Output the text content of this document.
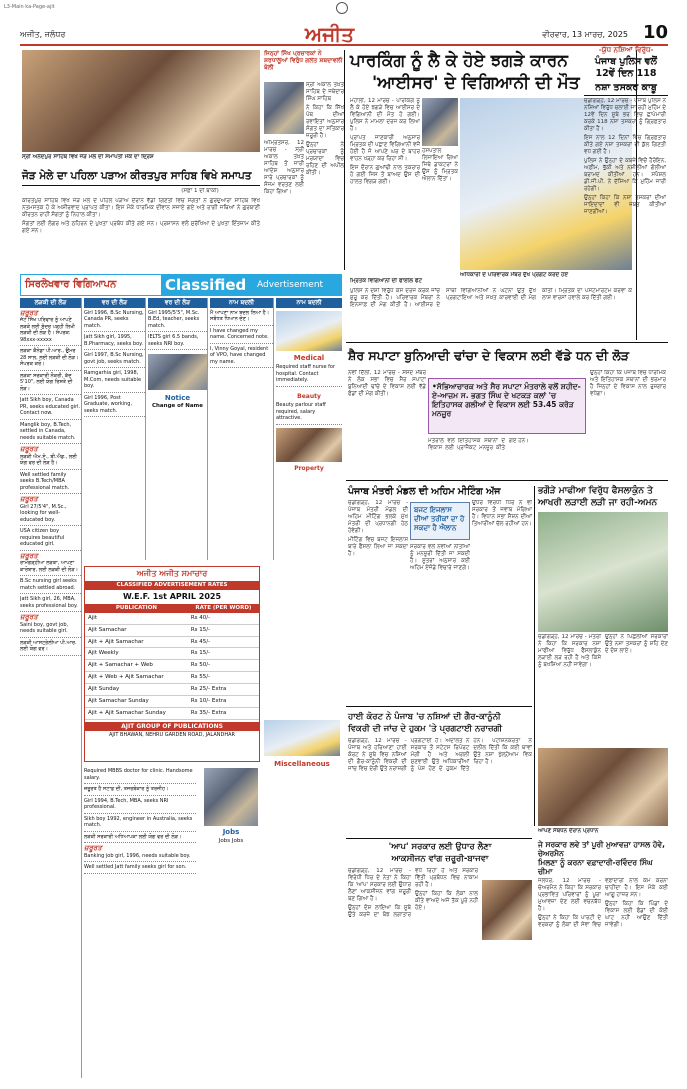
L3-Main ka-Page-ajit
ਅਜੀਤ, ਜਲੰਧਰ	ਅਜੀਤ	ਵੀਰਵਾਰ, 13 ਮਾਰਚ, 2025 10
ਸ੍ਰੀ ਅਨੰਦਪੁਰ ਸਾਹਿਬ ਵਿਖੇ ਜੋੜ ਮੇਲੇ ਦੀ ਸਮਾਪਤੀ ਮੌਕੇ ਦਾ ਦ੍ਰਿਸ਼
ਜੋੜ ਮੇਲੇ ਦਾ ਪਹਿਲਾ ਪੜਾਅ ਕੀਰਤਪੁਰ ਸਾਹਿਬ ਵਿਖੇ ਸਮਾਪਤ
(ਸਫ਼ਾ 1 ਦੀ ਬਾਕੀ)

ਕੀਰਤਪੁਰ ਸਾਹਿਬ ਵਿਖੇ ਜੋੜ ਮੇਲੇ ਦੇ ਪਹਿਲੇ ਪੜਾਅ ਦੌਰਾਨ ਵੱਡੀ ਗਿਣਤੀ ਵਿਚ ਸੰਗਤਾਂ ਨੇ ਗੁਰਦੁਆਰਾ ਸਾਹਿਬ ਵਿਖੇ ਨਤਮਸਤਕ ਹੋ ਕੇ ਅਸ਼ੀਰਵਾਦ ਪ੍ਰਾਪਤ ਕੀਤਾ। ਇਸ ਮੌਕੇ ਧਾਰਮਿਕ ਦੀਵਾਨ ਸਜਾਏ ਗਏ ਅਤੇ ਰਾਗੀ ਜਥਿਆਂ ਨੇ ਗੁਰਬਾਣੀ ਕੀਰਤਨ ਰਾਹੀਂ ਸੰਗਤਾਂ ਨੂੰ ਨਿਹਾਲ ਕੀਤਾ।

ਸੰਗਤਾਂ ਲਈ ਲੰਗਰ ਅਤੇ ਠਹਿਰਨ ਦੇ ਪੁਖਤਾ ਪ੍ਰਬੰਧ ਕੀਤੇ ਗਏ ਸਨ। ਪ੍ਰਸ਼ਾਸਨ ਵਲੋਂ ਸੁਰੱਖਿਆ ਦੇ ਪੁਖਤਾ ਇੰਤਜ਼ਾਮ ਕੀਤੇ ਗਏ ਸਨ।

ਜਿਨ੍ਹਾਂ ਸਿੱਖ ਪ੍ਰਚਾਰਕਾਂ ਨੇ ਸ਼ਰਧਾਲੂਆਂ ਵਿਰੁੱਧ ਗਲਤ ਸ਼ਬਦਾਵਲੀ ਬੋਲੀ

ਸ੍ਰੀ ਅਕਾਲ ਤਖ਼ਤ ਸਾਹਿਬ ਦੇ ਜਥੇਦਾਰ ਸਿੰਘ ਸਾਹਿਬ

ਨੇ ਕਿਹਾ ਕਿ ਸਿੱਖ ਪੰਥ ਦੀਆਂ ਰਵਾਇਤਾਂ ਅਨੁਸਾਰ ਸੰਗਤ ਦਾ ਸਤਿਕਾਰ ਜ਼ਰੂਰੀ ਹੈ।

ਉਨ੍ਹਾਂ ਨੇ ਪ੍ਰਚਾਰਕਾਂ ਨੂੰ ਮਰਯਾਦਾ ਵਿਚ ਰਹਿਣ ਦੀ ਅਪੀਲ ਕੀਤੀ।

ਅੰਮ੍ਰਿਤਸਰ, 12 ਮਾਰਚ - ਸ੍ਰੀ ਅਕਾਲ ਤਖ਼ਤ ਸਾਹਿਬ ਤੋਂ ਜਾਰੀ ਆਦੇਸ਼ ਅਨੁਸਾਰ ਸਾਰੇ ਪ੍ਰਚਾਰਕਾਂ ਨੂੰ ਸੰਜਮ ਵਰਤਣ ਲਈ ਕਿਹਾ ਗਿਆ।

ਪਾਰਕਿੰਗ ਨੂੰ ਲੈ ਕੇ ਹੋਏ ਝਗੜੇ ਕਾਰਨ
'ਆਈਸਰ' ਦੇ ਵਿਗਿਆਨੀ ਦੀ ਮੌਤ

ਮੋਹਾਲੀ, 12 ਮਾਰਚ - ਪਾਰਕਿੰਗ ਨੂੰ ਲੈ ਕੇ ਹੋਏ ਝਗੜੇ ਵਿਚ ਆਈਸਰ ਦੇ ਵਿਗਿਆਨੀ ਦੀ ਮੌਤ ਹੋ ਗਈ। ਪੁਲਿਸ ਨੇ ਮਾਮਲਾ ਦਰਜ ਕਰ ਲਿਆ ਹੈ।

ਪ੍ਰਾਪਤ ਜਾਣਕਾਰੀ ਅਨੁਸਾਰ ਮ੍ਰਿਤਕ ਦੀ ਪਛਾਣ ਵਿਗਿਆਨੀ ਵਜੋਂ ਹੋਈ ਹੈ ਜੋ ਆਪਣੇ ਘਰ ਦੇ ਬਾਹਰ ਵਾਹਨ ਖੜ੍ਹਾ ਕਰ ਰਿਹਾ ਸੀ।

ਇਸ ਦੌਰਾਨ ਗੁਆਂਢੀ ਨਾਲ ਤਕਰਾਰ ਹੋ ਗਈ ਜਿਸ ਤੋਂ ਬਾਅਦ ਉਸ ਦੀ ਹਾਲਤ ਵਿਗੜ ਗਈ।

ਹਸਪਤਾਲ ਲਿਜਾਇਆ ਗਿਆ ਜਿਥੇ ਡਾਕਟਰਾਂ ਨੇ ਉਸ ਨੂੰ ਮ੍ਰਿਤਕ ਐਲਾਨ ਦਿੱਤਾ।

ਅਧਿਕਾਰੀ ਦੇ ਪਰਿਵਾਰਕ ਮੈਂਬਰ ਦੁੱਖ ਪ੍ਰਗਟ ਕਰਦੇ ਹੋਏ
ਮ੍ਰਿਤਕ ਵਿਗਿਆਨੀ ਦੀ ਫਾਈਲ ਫੋਟੋ

ਪੁਲਿਸ ਨੇ ਦੋਸ਼ੀ ਵਿਰੁੱਧ ਕੇਸ ਦਰਜ ਕਰਕੇ ਜਾਂਚ ਸ਼ੁਰੂ ਕਰ ਦਿੱਤੀ ਹੈ। ਪਰਿਵਾਰਕ ਮੈਂਬਰਾਂ ਨੇ ਇਨਸਾਫ਼ ਦੀ ਮੰਗ ਕੀਤੀ ਹੈ। ਆਈਸਰ ਦੇ ਸਾਥੀ ਵਿਗਿਆਨੀਆਂ ਨੇ ਘਟਨਾ ਉਤੇ ਦੁੱਖ ਪ੍ਰਗਟਾਇਆ ਅਤੇ ਸਖ਼ਤ ਕਾਰਵਾਈ ਦੀ ਮੰਗ ਕੀਤੀ। ਮ੍ਰਿਤਕ ਦਾ ਪੋਸਟਮਾਰਟਮ ਕਰਵਾ ਕੇ ਲਾਸ਼ ਵਾਰਸਾਂ ਹਵਾਲੇ ਕਰ ਦਿੱਤੀ ਗਈ।

-ਯੁੱਧ ਨਸ਼ਿਆਂ ਵਿਰੁੱਧ-
ਪੰਜਾਬ ਪੁਲਿਸ ਵਲੋਂ
12ਵੇਂ ਦਿਨ 118
ਨਸ਼ਾ ਤਸਕਰ ਕਾਬੂ

ਚੰਡੀਗੜ੍ਹ, 12 ਮਾਰਚ - ਪੰਜਾਬ ਪੁਲਿਸ ਨੇ ਨਸ਼ਿਆਂ ਵਿਰੁੱਧ ਚਲਾਈ ਜਾ ਰਹੀ ਮੁਹਿੰਮ ਦੇ 12ਵੇਂ ਦਿਨ ਸੂਬੇ ਭਰ ਵਿਚ ਛਾਪੇਮਾਰੀ ਕਰਕੇ 118 ਨਸ਼ਾ ਤਸਕਰਾਂ ਨੂੰ ਗ੍ਰਿਫ਼ਤਾਰ ਕੀਤਾ ਹੈ।

ਇਸ ਨਾਲ 12 ਦਿਨਾਂ ਵਿਚ ਗ੍ਰਿਫ਼ਤਾਰ ਕੀਤੇ ਗਏ ਨਸ਼ਾ ਤਸਕਰਾਂ ਦੀ ਕੁੱਲ ਗਿਣਤੀ ਵਧ ਗਈ ਹੈ।

ਪੁਲਿਸ ਨੇ ਉਨ੍ਹਾਂ ਦੇ ਕਬਜ਼ੇ ਵਿਚੋਂ ਹੈਰੋਇਨ, ਅਫ਼ੀਮ, ਭੁੱਕੀ ਅਤੇ ਨਸ਼ੀਲੀਆਂ ਗੋਲੀਆਂ ਬਰਾਮਦ ਕੀਤੀਆਂ ਹਨ। ਸਪੈਸ਼ਲ ਡੀ.ਜੀ.ਪੀ. ਨੇ ਦੱਸਿਆ ਕਿ ਮੁਹਿੰਮ ਜਾਰੀ ਰਹੇਗੀ।

ਉਨ੍ਹਾਂ ਕਿਹਾ ਕਿ ਨਸ਼ਾ ਤਸਕਰਾਂ ਦੀਆਂ ਜਾਇਦਾਦਾਂ ਵੀ ਜ਼ਬਤ ਕੀਤੀਆਂ ਜਾਣਗੀਆਂ।

ਸ਼ੈਰ ਸਪਾਟਾ ਬੁਨਿਆਦੀ ਢਾਂਚਾ ਦੇ ਵਿਕਾਸ ਲਈ ਵੱਡੇ ਧਨ ਦੀ ਲੋੜ

ਨਵੀਂ ਦਿੱਲੀ, 12 ਮਾਰਚ - ਸੰਸਦ ਮੈਂਬਰ ਨੇ ਲੋਕ ਸਭਾ ਵਿਚ ਸੈਰ ਸਪਾਟਾ ਬੁਨਿਆਦੀ ਢਾਂਚੇ ਦੇ ਵਿਕਾਸ ਲਈ ਵੱਡੇ ਫੰਡਾਂ ਦੀ ਮੰਗ ਕੀਤੀ।

•ਸੱਭਿਆਚਾਰਕ ਅਤੇ ਸੈਰ ਸਪਾਟਾ ਮੰਤਰਾਲੇ ਵਲੋਂ ਸ਼ਹੀਦ-ਏ-ਆਜ਼ਮ ਸ. ਭਗਤ ਸਿੰਘ ਦੇ ਖਟਕੜ ਕਲਾਂ 'ਚ ਇਤਿਹਾਸਕ ਗਲੀਆਂ ਦੇ ਵਿਕਾਸ ਲਈ 53.45 ਕਰੋੜ ਮਨਜ਼ੂਰ

ਮੰਤਰਾਲੇ ਵਲੋਂ ਇਤਿਹਾਸਕ ਸਥਾਨਾਂ ਦੇ ਵਿਕਾਸ ਲਈ ਪ੍ਰਾਜੈਕਟ ਮਨਜ਼ੂਰ ਕੀਤੇ ਗਏ ਹਨ।

ਉਨ੍ਹਾਂ ਕਿਹਾ ਕਿ ਪੰਜਾਬ ਵਿਚ ਧਾਰਮਿਕ ਅਤੇ ਇਤਿਹਾਸਕ ਸਥਾਨਾਂ ਦੀ ਭਰਮਾਰ ਹੈ ਜਿਨ੍ਹਾਂ ਦੇ ਵਿਕਾਸ ਨਾਲ ਰੁਜ਼ਗਾਰ ਵਧੇਗਾ।

ਪੰਜਾਬ ਮੰਤਰੀ ਮੰਡਲ ਦੀ ਅਹਿਮ ਮੀਟਿੰਗ ਅੱਜ

ਚੰਡੀਗੜ੍ਹ, 12 ਮਾਰਚ - ਪੰਜਾਬ ਮੰਤਰੀ ਮੰਡਲ ਦੀ ਅਹਿਮ ਮੀਟਿੰਗ ਭਲਕੇ ਮੁੱਖ ਮੰਤਰੀ ਦੀ ਪ੍ਰਧਾਨਗੀ ਹੇਠ ਹੋਵੇਗੀ।

ਮੀਟਿੰਗ ਵਿਚ ਬਜਟ ਇਜਲਾਸ ਬਾਰੇ ਫੈਸਲਾ ਲਿਆ ਜਾ ਸਕਦਾ ਹੈ।

ਬਜਟ ਇਜਲਾਸ ਦੀਆਂ ਤਰੀਕਾਂ ਦਾ ਹੋ ਸਕਦਾ ਹੈ ਐਲਾਨ

ਸਰਕਾਰ ਵਲੋਂ ਨਵੀਆਂ ਨੀਤੀਆਂ ਨੂੰ ਮਨਜ਼ੂਰੀ ਦਿੱਤੀ ਜਾ ਸਕਦੀ ਹੈ। ਸੂਤਰਾਂ ਅਨੁਸਾਰ ਕਈ ਅਹਿਮ ਏਜੰਡੇ ਵਿਚਾਰੇ ਜਾਣਗੇ।

ਉਧਰ ਵਿਰੋਧੀ ਧਿਰ ਨੇ ਵੀ ਸਰਕਾਰ ਤੋਂ ਜਵਾਬ ਮੰਗਿਆ ਹੈ। ਵਿਧਾਨ ਸਭਾ ਸੈਸ਼ਨ ਦੀਆਂ ਤਿਆਰੀਆਂ ਚੱਲ ਰਹੀਆਂ ਹਨ।

ਭਗੌੜੇ ਮਾਫੀਆ ਵਿਰੁੱਧ ਫੈਸਲਾਕੁੰਨ ਤੇ
ਆਖਰੀ ਲੜਾਈ ਲੜੀ ਜਾ ਰਹੀ-ਅਮਨ

ਚੰਡੀਗੜ੍ਹ, 12 ਮਾਰਚ - ਮੰਤਰੀ ਨੇ ਕਿਹਾ ਕਿ ਸਰਕਾਰ ਨਸ਼ਾ ਮਾਫੀਆ ਵਿਰੁੱਧ ਫੈਸਲਾਕੁੰਨ ਲੜਾਈ ਲੜ ਰਹੀ ਹੈ ਅਤੇ ਕਿਸੇ ਨੂੰ ਬਖਸ਼ਿਆ ਨਹੀਂ ਜਾਵੇਗਾ।

ਉਨ੍ਹਾਂ ਨੇ ਪਿਛਲੀਆਂ ਸਰਕਾਰਾਂ ਉਤੇ ਨਸ਼ਾ ਤਸਕਰਾਂ ਨੂੰ ਸ਼ਹਿ ਦੇਣ ਦੇ ਦੋਸ਼ ਲਾਏ।

ਹਾਈ ਕੋਰਟ ਨੇ ਪੰਜਾਬ 'ਚ ਨਸ਼ਿਆਂ ਦੀ ਗੈਰ-ਕਾਨੂੰਨੀ
ਵਿਕਰੀ ਦੀ ਜਾਂਚ ਦੇ ਹੁਕਮ 'ਤੇ ਪ੍ਰਗਟਾਈ ਨਰਾਜ਼ਗੀ

ਚੰਡੀਗੜ੍ਹ, 12 ਮਾਰਚ - ਪੰਜਾਬ ਅਤੇ ਹਰਿਆਣਾ ਹਾਈ ਕੋਰਟ ਨੇ ਸੂਬੇ ਵਿਚ ਨਸ਼ਿਆਂ ਦੀ ਗੈਰ-ਕਾਨੂੰਨੀ ਵਿਕਰੀ ਦੀ ਜਾਂਚ ਵਿਚ ਦੇਰੀ ਉਤੇ ਨਰਾਜ਼ਗੀ ਪ੍ਰਗਟਾਈ ਹੈ। ਅਦਾਲਤ ਨੇ ਸਰਕਾਰ ਤੋਂ ਸਟੇਟਸ ਰਿਪੋਰਟ ਮੰਗੀ ਹੈ ਅਤੇ ਅਗਲੀ ਸੁਣਵਾਈ ਉਤੇ ਅਧਿਕਾਰੀਆਂ ਨੂੰ ਪੇਸ਼ ਹੋਣ ਦੇ ਹੁਕਮ ਦਿੱਤੇ ਹਨ। ਪਟੀਸ਼ਨਕਰਤਾ ਨੇ ਦਲੀਲ ਦਿੱਤੀ ਕਿ ਕਈ ਥਾਵਾਂ ਉਤੇ ਨਸ਼ਾ ਖੁੱਲ੍ਹੇਆਮ ਵਿਕ ਰਿਹਾ ਹੈ।

ਆਪਣੇ ਸੰਬੋਧਨ ਦੌਰਾਨ ਪ੍ਰਧਾਨ
ਜੇ ਸਰਕਾਰ ਲਵੇ ਤਾਂ ਪੂਰੀ ਮੁਆਵਜ਼ਾ ਹਾਸਲ ਹੋਵੇ, ਚੇਅਰਮੈਨ
ਮਿਲਣਾ ਨੂੰ ਕਰਨਾ ਵਫ਼ਾਦਾਰੀ-ਰਵਿੰਦਰ ਸਿੰਘ ਚੀਮਾ

ਜਲੰਧਰ, 12 ਮਾਰਚ - ਚੇਅਰਮੈਨ ਨੇ ਕਿਹਾ ਕਿ ਸਰਕਾਰ ਪ੍ਰਭਾਵਿਤ ਪਰਿਵਾਰਾਂ ਨੂੰ ਪੂਰਾ ਮੁਆਵਜ਼ਾ ਦੇਣ ਲਈ ਵਚਨਬੱਧ ਹੈ।

ਉਨ੍ਹਾਂ ਨੇ ਕਿਹਾ ਕਿ ਪਾਰਟੀ ਦੇ ਵਰਕਰਾਂ ਨੂੰ ਲੋਕਾਂ ਦੀ ਸੇਵਾ ਵਿਚ ਵਫ਼ਾਦਾਰੀ ਨਾਲ ਕੰਮ ਕਰਨਾ ਚਾਹੀਦਾ ਹੈ। ਇਸ ਮੌਕੇ ਕਈ ਆਗੂ ਹਾਜ਼ਰ ਸਨ।

ਉਨ੍ਹਾਂ ਕਿਹਾ ਕਿ ਪਿੰਡਾਂ ਦੇ ਵਿਕਾਸ ਲਈ ਫੰਡਾਂ ਦੀ ਕੋਈ ਘਾਟ ਨਹੀਂ ਆਉਣ ਦਿੱਤੀ ਜਾਵੇਗੀ।

'ਆਪ' ਸਰਕਾਰ ਲਈ ਉਧਾਰ ਲੈਣਾ
ਆਕਸੀਜਨ ਵਾਂਗ ਜ਼ਰੂਰੀ-ਬਾਜਵਾ

ਚੰਡੀਗੜ੍ਹ, 12 ਮਾਰਚ - ਵਿਰੋਧੀ ਧਿਰ ਦੇ ਨੇਤਾ ਨੇ ਕਿਹਾ ਕਿ 'ਆਪ' ਸਰਕਾਰ ਲਈ ਉਧਾਰ ਲੈਣਾ ਆਕਸੀਜਨ ਵਾਂਗ ਜ਼ਰੂਰੀ ਬਣ ਗਿਆ ਹੈ।

ਉਨ੍ਹਾਂ ਦੋਸ਼ ਲਾਇਆ ਕਿ ਸੂਬੇ ਉਤੇ ਕਰਜ਼ੇ ਦਾ ਬੋਝ ਲਗਾਤਾਰ ਵਧ ਰਿਹਾ ਹੈ ਅਤੇ ਸਰਕਾਰ ਵਿੱਤੀ ਪ੍ਰਬੰਧਨ ਵਿਚ ਨਾਕਾਮ ਰਹੀ ਹੈ।

ਉਨ੍ਹਾਂ ਕਿਹਾ ਕਿ ਲੋਕਾਂ ਨਾਲ ਕੀਤੇ ਵਾਅਦੇ ਅਜੇ ਤੱਕ ਪੂਰੇ ਨਹੀਂ ਹੋਏ।

ਸਿਰਲੇਖਵਾਰ ਵਿਗਿਆਪਨ	Classified Advertisement
ਲੜਕੀ ਦੀ ਲੋੜ
ਜ਼ਰੂਰਤ
ਜੱਟ ਸਿੱਖ ਪਰਿਵਾਰ ਨੂੰ ਆਪਣੇ ਲੜਕੇ ਲਈ ਸੁੰਦਰ ਪੜ੍ਹੀ ਲਿਖੀ ਲੜਕੀ ਦੀ ਲੋੜ ਹੈ। ਸੰਪਰਕ: 98xxx-xxxxx
ਲੜਕਾ ਕੈਨੇਡਾ ਪੀ.ਆਰ., ਉਮਰ 28 ਸਾਲ, ਲਈ ਲੜਕੀ ਦੀ ਲੋੜ। ਸੰਪਰਕ ਕਰੋ।
ਲੜਕਾ ਸਰਕਾਰੀ ਨੌਕਰੀ, ਕੱਦ 5'10", ਲਈ ਯੋਗ ਰਿਸ਼ਤੇ ਦੀ ਲੋੜ।
Jatt Sikh boy, Canada PR, seeks educated girl. Contact now.
Manglik boy, B.Tech, settled in Canada, needs suitable match.
ਜ਼ਰੂਰਤ
ਲੜਕੀ ਐਮ.ਏ., ਬੀ.ਐਡ., ਲਈ ਯੋਗ ਵਰ ਦੀ ਲੋੜ ਹੈ।
Well settled family seeks B.Tech/MBA professional match.
ਜ਼ਰੂਰਤ
Girl 27/5'4", M.Sc., looking for well-educated boy.
USA citizen boy requires beautiful educated girl.
ਜ਼ਰੂਰਤ
ਰਾਮਗੜ੍ਹੀਆ ਲੜਕਾ, ਆਪਣਾ ਕਾਰੋਬਾਰ, ਲਈ ਲੜਕੀ ਦੀ ਲੋੜ।
B.Sc nursing girl seeks match settled abroad.
Jatt Sikh girl, 26, MBA, seeks professional boy.
ਜ਼ਰੂਰਤ
Saini boy, govt job, needs suitable girl.
ਲੜਕੀ ਆਸਟ੍ਰੇਲੀਆ ਪੀ.ਆਰ. ਲਈ ਯੋਗ ਵਰ।
ਵਰ ਦੀ ਲੋੜ
Girl 1996, B.Sc Nursing, Canada PR, seeks match.
Jatt Sikh girl, 1995, B.Pharmacy, seeks boy.
Girl 1997, B.Sc Nursing, govt job, seeks match.
Ramgarhia girl, 1998, M.Com, needs suitable boy.
Girl 1996, Post Graduate, working, seeks match.
ਵਰ ਦੀ ਲੋੜ
Girl 1995/5'5", M.Sc. B.Ed, teacher, seeks match.
IELTS girl 6.5 bands, seeks NRI boy.
Notice
Change of Name
ਨਾਮ ਬਦਲੀ
ਮੈਂ ਆਪਣਾ ਨਾਮ ਬਦਲ ਲਿਆ ਹੈ। ਸਬੰਧਤ ਧਿਆਨ ਦੇਣ।
I have changed my name. Concerned note.
I, Vinny Goyal, resident of VPO, have changed my name.
ਨਾਮ ਬਦਲੀ
Medical
Required staff nurse for hospital. Contact immediately.
Beauty
Beauty parlour staff required, salary attractive.
Property
ਅਜੀਤ ਅਜੀਤ ਸਮਾਚਾਰ
CLASSIFIED ADVERTISEMENT RATES
W.E.F. 1st APRIL 2025
PUBLICATION	RATE (PER WORD)
Ajit	Rs 40/-
Ajit Samachar	Rs 15/-
Ajit + Ajit Samachar	Rs 45/-
Ajit Weekly	Rs 15/-
Ajit + Samachar + Web	Rs 50/-
Ajit + Web + Ajit Samachar	Rs 55/-
Ajit Sunday	Rs 25/- Extra
Ajit Samachar Sunday	Rs 10/- Extra
Ajit + Ajit Samachar Sunday	Rs 35/- Extra
AJIT GROUP OF PUBLICATIONS
AJIT BHAWAN, NEHRU GARDEN ROAD, JALANDHAR
Required MBBS doctor for clinic. Handsome salary.
ਜ਼ਰੂਰਤ ਹੈ ਸਟਾਫ਼ ਦੀ, ਤਜਰਬੇਕਾਰ ਨੂੰ ਤਰਜੀਹ।
Girl 1994, B.Tech, MBA, seeks NRI professional.
Sikh boy 1992, engineer in Australia, seeks match.
ਲੜਕੀ ਸਰਕਾਰੀ ਅਧਿਆਪਕਾ ਲਈ ਯੋਗ ਵਰ ਦੀ ਲੋੜ।
ਜ਼ਰੂਰਤ
Banking job girl, 1996, needs suitable boy.
Well settled Jatt family seeks girl for son.
Jobs
Jobs Jobs
Miscellaneous
